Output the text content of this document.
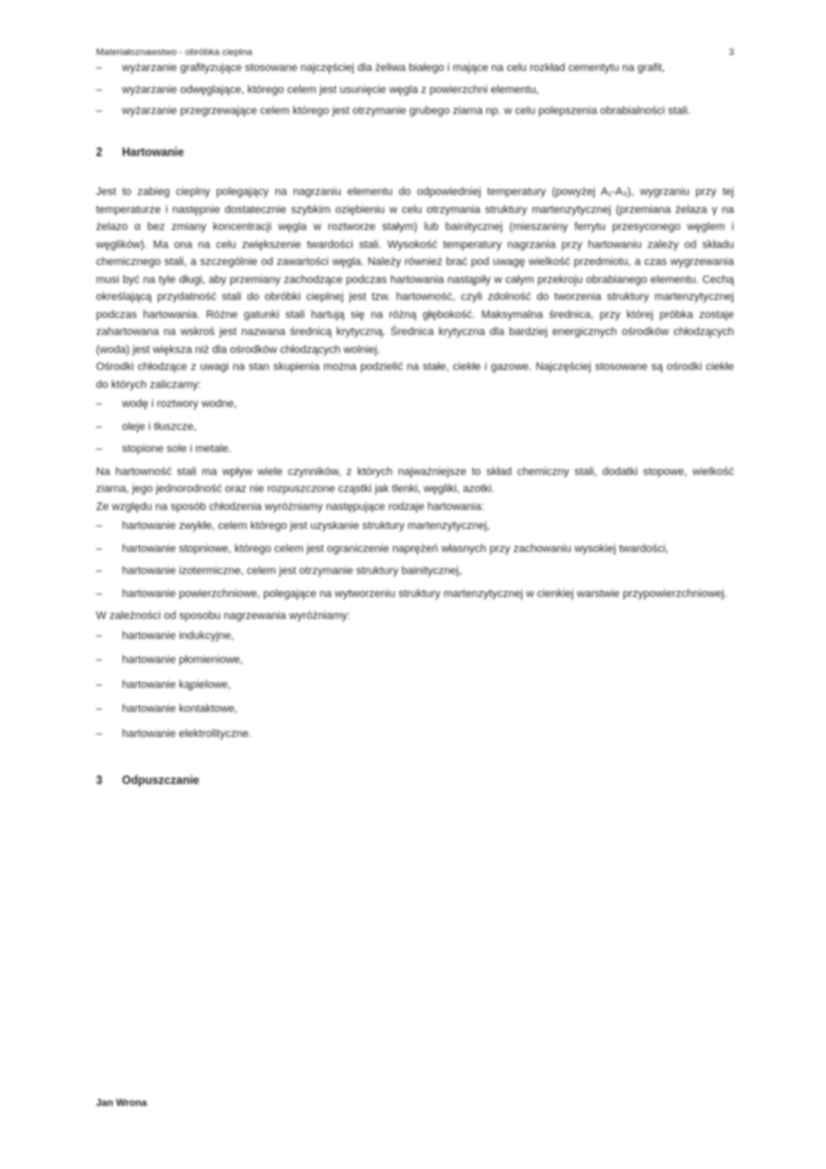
Materiałoznawstwo - obróbka cieplna	3
–	wyżarzanie grafityzujące stosowane najczęściej dla żeliwa białego i mające na celu rozkład cementytu na grafit,
–	wyżarzanie odwęglające, którego celem jest usunięcie węgla z powierzchni elementu,
–	wyżarzanie przegrzewające celem którego jest otrzymanie grubego ziarna np. w celu polepszenia obrabialności stali.
2 Hartowanie

Jest to zabieg cieplny polegający na nagrzaniu elementu do odpowiedniej temperatury (powyżej A₁-A₃), wygrzaniu przy tej temperaturze i następnie dostatecznie szybkim oziębieniu w celu otrzymania struktury martenzytycznej (przemiana żelaza γ na żelazo α bez zmiany koncentracji węgla w roztworze stałym) lub bainitycznej (mieszaniny ferrytu przesyconego węglem i węglików). Ma ona na celu zwiększenie twardości stali. Wysokość temperatury nagrzania przy hartowaniu zależy od składu chemicznego stali, a szczególnie od zawartości węgla. Należy również brać pod uwagę wielkość przedmiotu, a czas wygrzewania musi być na tyle długi, aby przemiany zachodzące podczas hartowania nastąpiły w całym przekroju obrabianego elementu. Cechą określającą przydatność stali do obróbki cieplnej jest tzw. hartowność, czyli zdolność do tworzenia struktury martenzytycznej podczas hartowania. Różne gatunki stali hartują się na różną głębokość. Maksymalna średnica, przy której próbka zostaje zahartowana na wskroś jest nazwana średnicą krytyczną. Średnica krytyczna dla bardziej energicznych ośrodków chłodzących (woda) jest większa niż dla ośrodków chłodzących wolniej.

Ośrodki chłodzące z uwagi na stan skupienia można podzielić na stałe, ciekłe i gazowe. Najczęściej stosowane są ośrodki ciekłe do których zaliczamy:

–	wodę i roztwory wodne,
–	oleje i tłuszcze,
–	stopione sole i metale.

Na hartowność stali ma wpływ wiele czynników, z których najważniejsze to skład chemiczny stali, dodatki stopowe, wielkość ziarna, jego jednorodność oraz nie rozpuszczone cząstki jak tlenki, węgliki, azotki.

Ze względu na sposób chłodzenia wyróżniamy następujące rodzaje hartowania:

–	hartowanie zwykłe, celem którego jest uzyskanie struktury martenzytycznej,
–	hartowanie stopniowe, którego celem jest ograniczenie naprężeń własnych przy zachowaniu wysokiej twardości,
–	hartowanie izotermiczne, celem jest otrzymanie struktury bainitycznej,
–	hartowanie powierzchniowe, polegające na wytworzeniu struktury martenzytycznej w cienkiej warstwie przypowierzchniowej.

W zależności od sposobu nagrzewania wyróżniamy:

–	hartowanie indukcyjne,
–	hartowanie płomieniowe,
–	hartowanie kąpielowe,
–	hartowanie kontaktowe,
–	hartowanie elektrolityczne.
3 Odpuszczanie
Jan Wrona
